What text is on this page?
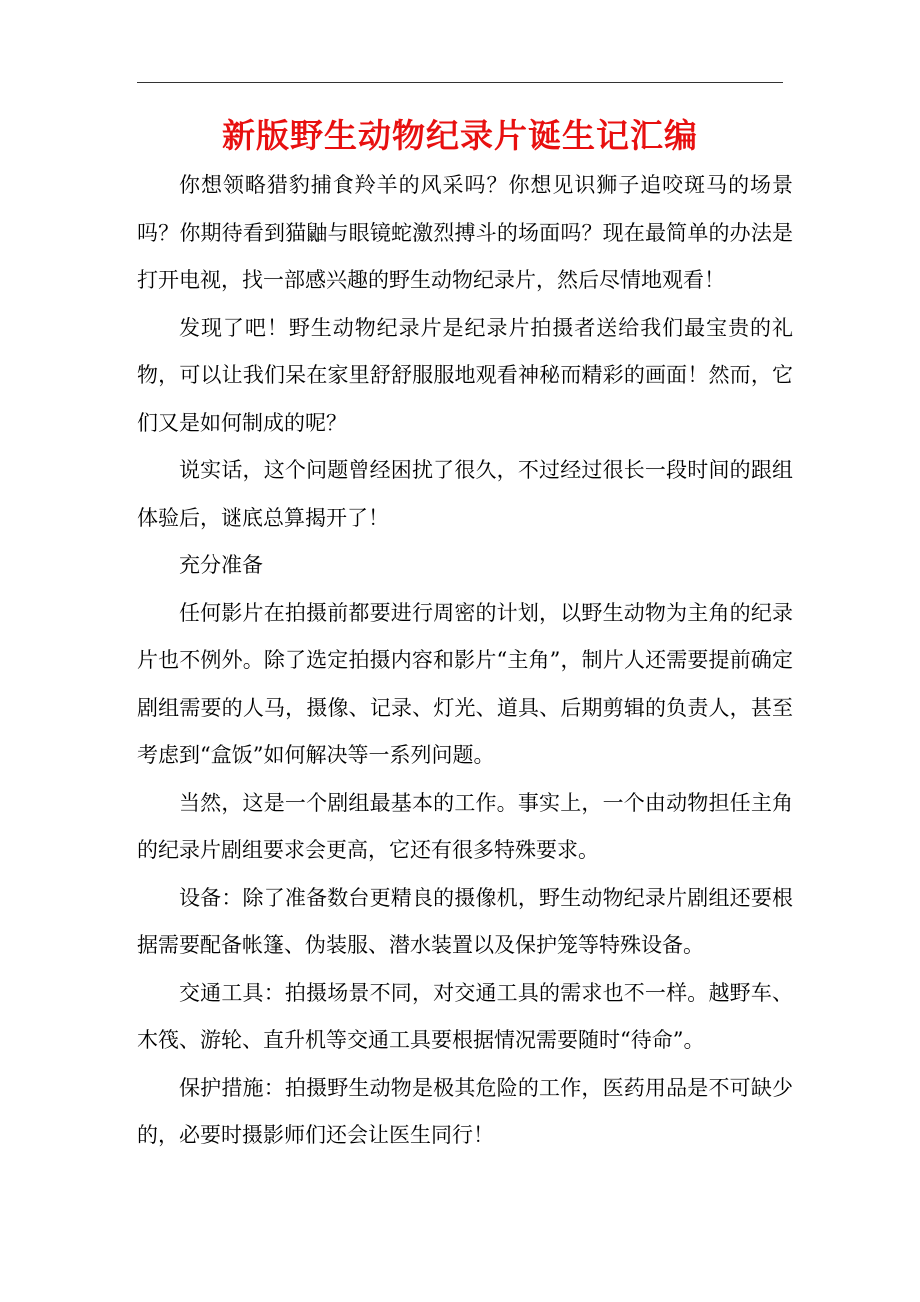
新版野生动物纪录片诞生记汇编

你想领略猎豹捕食羚羊的风采吗？你想见识狮子追咬斑马的场景吗？你期待看到猫鼬与眼镜蛇激烈搏斗的场面吗？现在最简单的办法是打开电视，找一部感兴趣的野生动物纪录片，然后尽情地观看！

发现了吧！野生动物纪录片是纪录片拍摄者送给我们最宝贵的礼物，可以让我们呆在家里舒舒服服地观看神秘而精彩的画面！然而，它们又是如何制成的呢？

说实话，这个问题曾经困扰了很久，不过经过很长一段时间的跟组体验后，谜底总算揭开了！

充分准备

任何影片在拍摄前都要进行周密的计划，以野生动物为主角的纪录片也不例外。除了选定拍摄内容和影片“主角”，制片人还需要提前确定剧组需要的人马，摄像、记录、灯光、道具、后期剪辑的负责人，甚至考虑到“盒饭”如何解决等一系列问题。

当然，这是一个剧组最基本的工作。事实上，一个由动物担任主角的纪录片剧组要求会更高，它还有很多特殊要求。

设备：除了准备数台更精良的摄像机，野生动物纪录片剧组还要根据需要配备帐篷、伪装服、潜水装置以及保护笼等特殊设备。

交通工具：拍摄场景不同，对交通工具的需求也不一样。越野车、木筏、游轮、直升机等交通工具要根据情况需要随时“待命”。

保护措施：拍摄野生动物是极其危险的工作，医药用品是不可缺少的，必要时摄影师们还会让医生同行！
